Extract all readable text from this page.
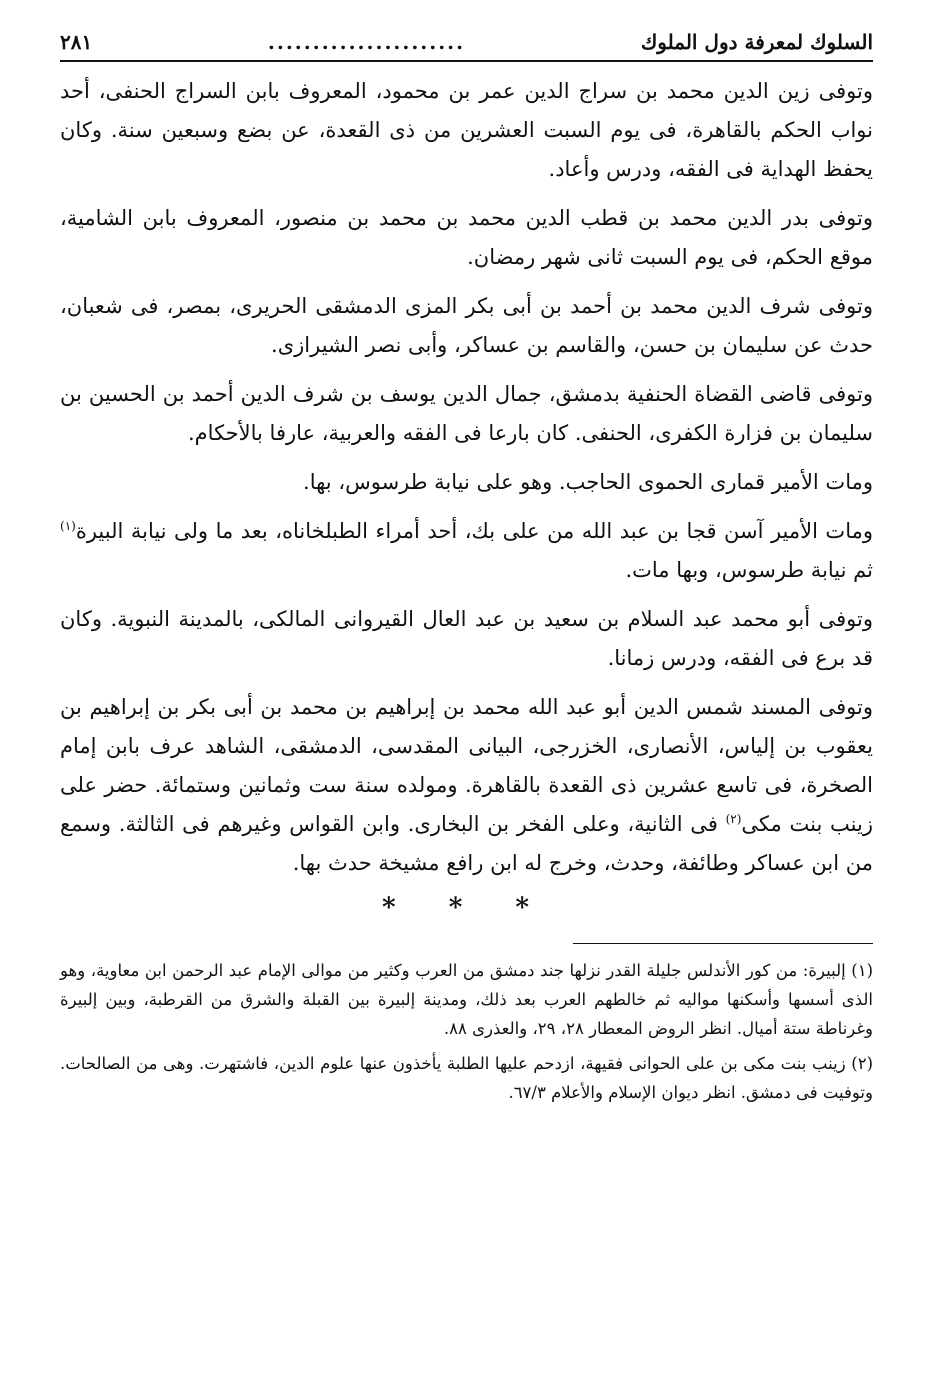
السلوك لمعرفة دول الملوك
......................
٢٨١

وتوفى زين الدين محمد بن سراج الدين عمر بن محمود، المعروف بابن السراج الحنفى، أحد نواب الحكم بالقاهرة، فى يوم السبت العشرين من ذى القعدة، عن بضع وسبعين سنة. وكان يحفظ الهداية فى الفقه، ودرس وأعاد.

وتوفى بدر الدين محمد بن قطب الدين محمد بن محمد بن منصور، المعروف بابن الشامية، موقع الحكم، فى يوم السبت ثانى شهر رمضان.

وتوفى شرف الدين محمد بن أحمد بن أبى بكر المزى الدمشقى الحريرى، بمصر، فى شعبان، حدث عن سليمان بن حسن، والقاسم بن عساكر، وأبى نصر الشيرازى.

وتوفى قاضى القضاة الحنفية بدمشق، جمال الدين يوسف بن شرف الدين أحمد بن الحسين بن سليمان بن فزارة الكفرى، الحنفى. كان بارعا فى الفقه والعربية، عارفا بالأحكام.

ومات الأمير قمارى الحموى الحاجب. وهو على نيابة طرسوس، بها.

ومات الأمير آسن قجا بن عبد الله من على بك، أحد أمراء الطبلخاناه، بعد ما ولى نيابة البيرة$^{(١)}$ ثم نيابة طرسوس، وبها مات.

وتوفى أبو محمد عبد السلام بن سعيد بن عبد العال القيروانى المالكى، بالمدينة النبوية. وكان قد برع فى الفقه، ودرس زمانا.

وتوفى المسند شمس الدين أبو عبد الله محمد بن إبراهيم بن محمد بن أبى بكر بن إبراهيم بن يعقوب بن إلياس، الأنصارى، الخزرجى، البيانى المقدسى، الدمشقى، الشاهد عرف بابن إمام الصخرة، فى تاسع عشرين ذى القعدة بالقاهرة. ومولده سنة ست وثمانين وستمائة. حضر على زينب بنت مكى$^{(٢)}$ فى الثانية، وعلى الفخر بن البخارى. وابن القواس وغيرهم فى الثالثة. وسمع من ابن عساكر وطائفة، وحدث، وخرج له ابن رافع مشيخة حدث بها.

* * *

(١) إلبيرة: من كور الأندلس جليلة القدر نزلها جند دمشق من العرب وكثير من موالى الإمام عبد الرحمن ابن معاوية، وهو الذى أسسها وأسكنها مواليه ثم خالطهم العرب بعد ذلك، ومدينة إلبيرة بين القبلة والشرق من القرطبة، وبين إلبيرة وغرناطة ستة أميال. انظر الروض المعطار ٢٨، ٢٩، والعذرى ٨٨.

(٢) زينب بنت مكى بن على الحوانى فقيهة، ازدحم عليها الطلبة يأخذون عنها علوم الدين، فاشتهرت. وهى من الصالحات. وتوفيت فى دمشق. انظر ديوان الإسلام والأعلام ٦٧/٣.
